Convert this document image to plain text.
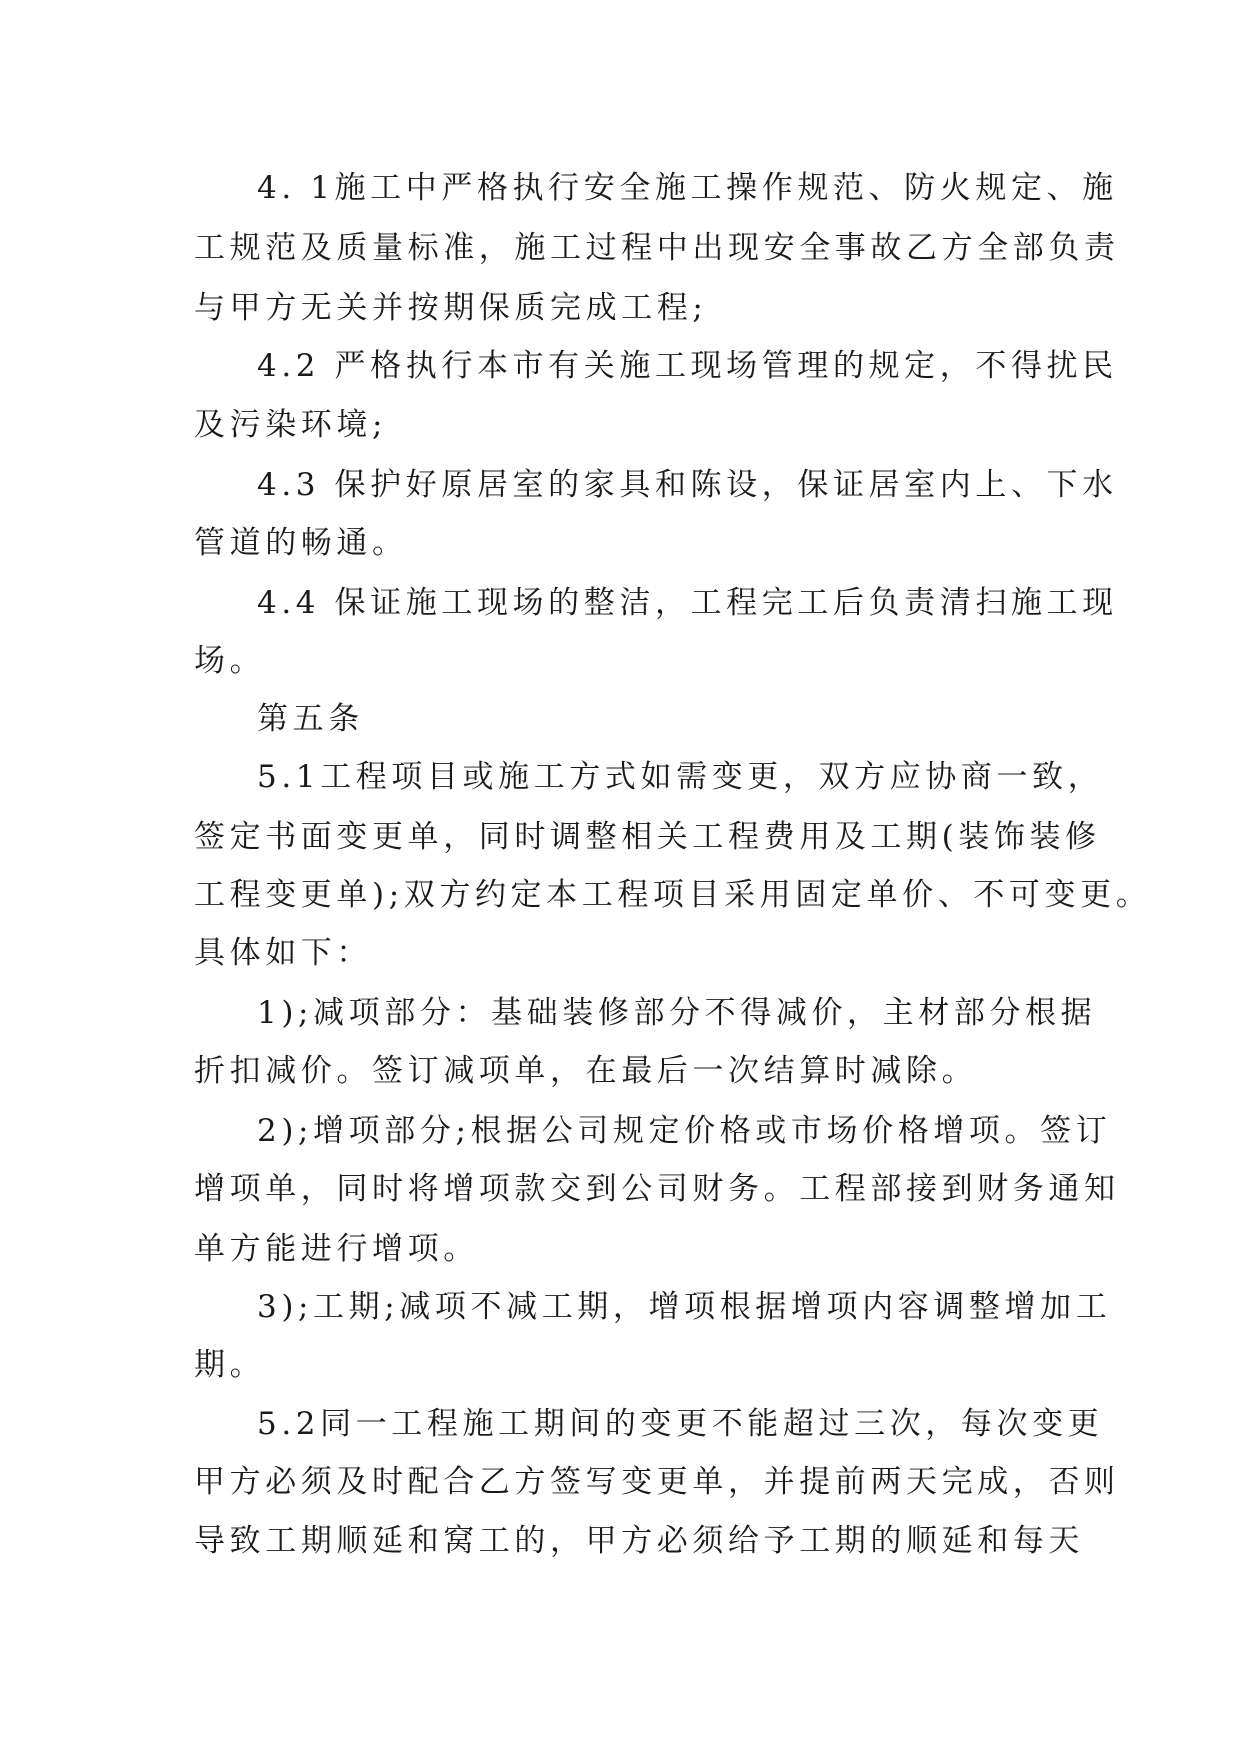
4. 1施工中严格执行安全施工操作规范、防火规定、施
工规范及质量标准，施工过程中出现安全事故乙方全部负责
与甲方无关并按期保质完成工程;
4.2 严格执行本市有关施工现场管理的规定，不得扰民
及污染环境;
4.3 保护好原居室的家具和陈设，保证居室内上、下水
管道的畅通。
4.4 保证施工现场的整洁，工程完工后负责清扫施工现
场。
第五条
5.1工程项目或施工方式如需变更，双方应协商一致，
签定书面变更单，同时调整相关工程费用及工期(装饰装修
工程变更单);双方约定本工程项目采用固定单价、不可变更。
具体如下：
1);减项部分：基础装修部分不得减价，主材部分根据
折扣减价。签订减项单，在最后一次结算时减除。
2);增项部分;根据公司规定价格或市场价格增项。签订
增项单，同时将增项款交到公司财务。工程部接到财务通知
单方能进行增项。
3);工期;减项不减工期，增项根据增项内容调整增加工
期。
5.2同一工程施工期间的变更不能超过三次，每次变更
甲方必须及时配合乙方签写变更单，并提前两天完成，否则
导致工期顺延和窝工的，甲方必须给予工期的顺延和每天
